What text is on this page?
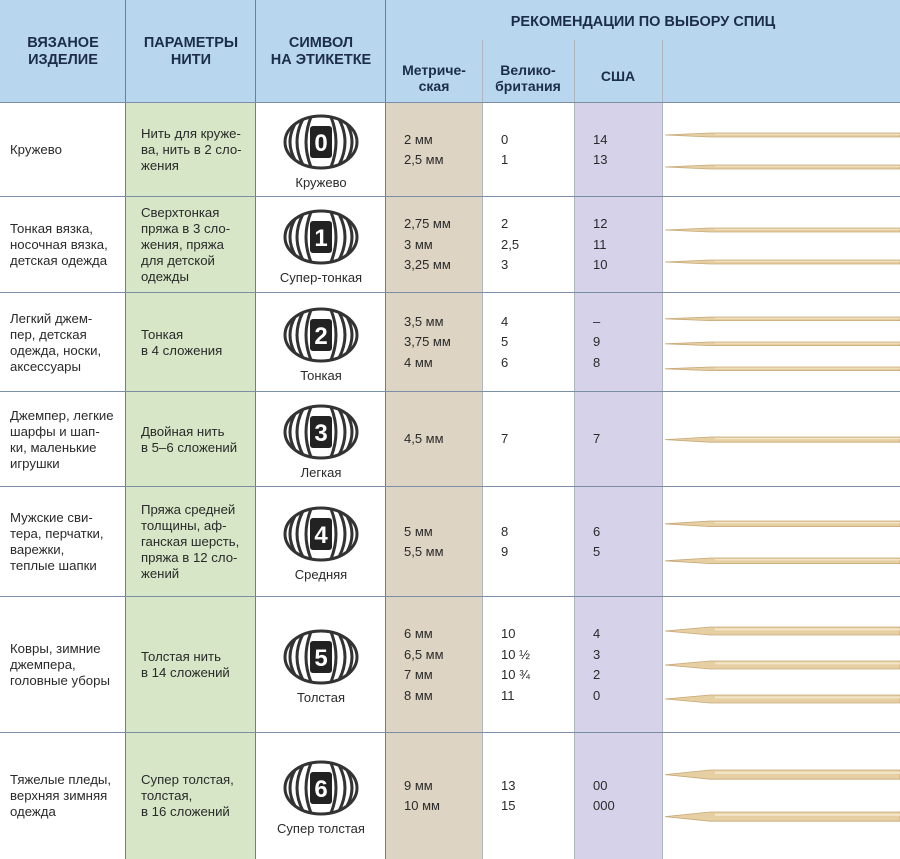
ВЯЗАНОЕ
ИЗДЕЛИЕ
ПАРАМЕТРЫ
НИТИ
СИМВОЛ
НА ЭТИКЕТКЕ
РЕКОМЕНДАЦИИ ПО ВЫБОРУ СПИЦ
Метриче-
ская
Велико-
британия
США
Кружево
Нить для круже-
ва, нить в 2 сло-
жения
0
Кружево
2 мм
2,5 мм
0
1
14
13
Тонкая вязка,
носочная вязка,
детская одежда
Сверхтонкая
пряжа в 3 сло-
жения, пряжа
для детской
одежды
1
Супер-тонкая
2,75 мм
3 мм
3,25 мм
2
2,5
3
12
11
10
Легкий джем-
пер, детская
одежда, носки,
аксессуары
Тонкая
в 4 сложения
2
Тонкая
3,5 мм
3,75 мм
4 мм
4
5
6
–
9
8
Джемпер, легкие
шарфы и шап-
ки, маленькие
игрушки
Двойная нить
в 5–6 сложений
3
Легкая
4,5 мм	7	7
Мужские сви-
тера, перчатки,
варежки,
теплые шапки
Пряжа средней
толщины, аф-
ганская шерсть,
пряжа в 12 сло-
жений
4
Средняя
5 мм
5,5 мм
8
9
6
5
Ковры, зимние
джемпера,
головные уборы
Толстая нить
в 14 сложений
5
Толстая
6 мм
6,5 мм
7 мм
8 мм
10
10 ½
10 ¾
11
4
3
2
0
Тяжелые пледы,
верхняя зимняя
одежда
Супер толстая,
толстая,
в 16 сложений
6
Супер толстая
9 мм
10 мм
13
15
00
000
